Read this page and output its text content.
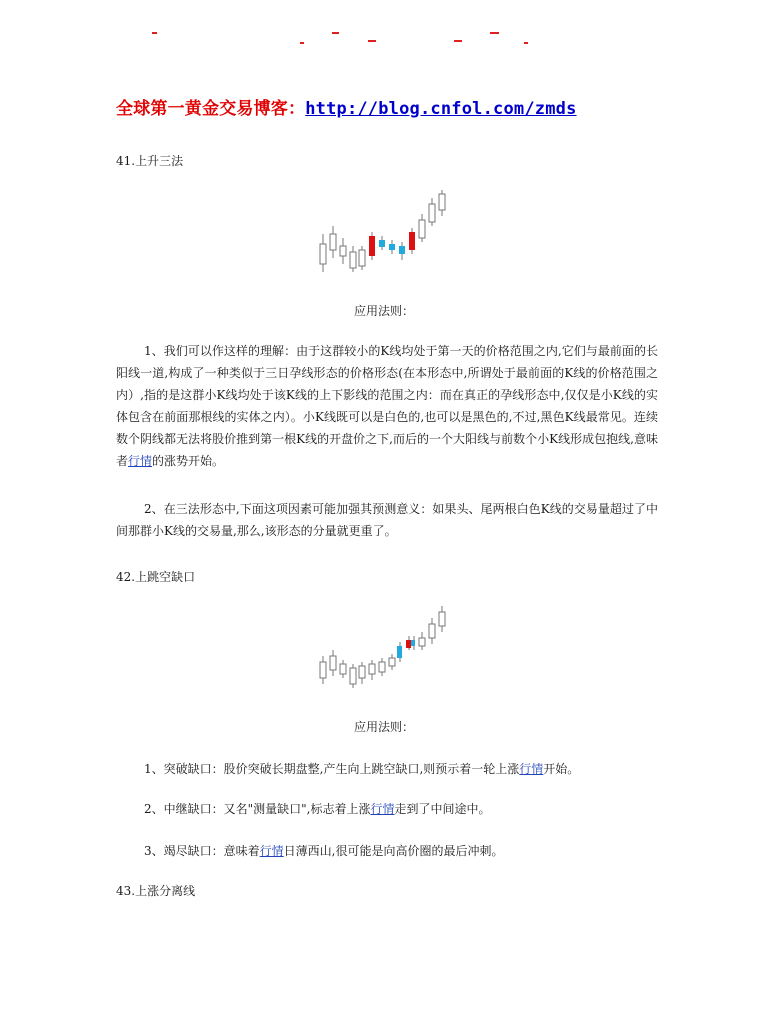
全球第一黄金交易博客：http://blog.cnfol.com/zmds
41.上升三法
应用法则：
1、我们可以作这样的理解：由于这群较小的K线均处于第一天的价格范围之内,它们与最前面的长阳线一道,构成了一种类似于三日孕线形态的价格形态(在本形态中,所谓处于最前面的K线的价格范围之内）,指的是这群小K线均处于该K线的上下影线的范围之内：而在真正的孕线形态中,仅仅是小K线的实体包含在前面那根线的实体之内）。小K线既可以是白色的,也可以是黑色的,不过,黑色K线最常见。连续数个阴线都无法将股价推到第一根K线的开盘价之下,而后的一个大阳线与前数个小K线形成包抱线,意味者行情的涨势开始。
2、在三法形态中,下面这项因素可能加强其预测意义：如果头、尾两根白色K线的交易量超过了中间那群小K线的交易量,那么,该形态的分量就更重了。
42.上跳空缺口
应用法则：
1、突破缺口：股价突破长期盘整,产生向上跳空缺口,则预示着一轮上涨行情开始。
2、中继缺口：又名"测量缺口",标志着上涨行情走到了中间途中。
3、竭尽缺口：意味着行情日薄西山,很可能是向高价圈的最后冲刺。
43.上涨分离线
